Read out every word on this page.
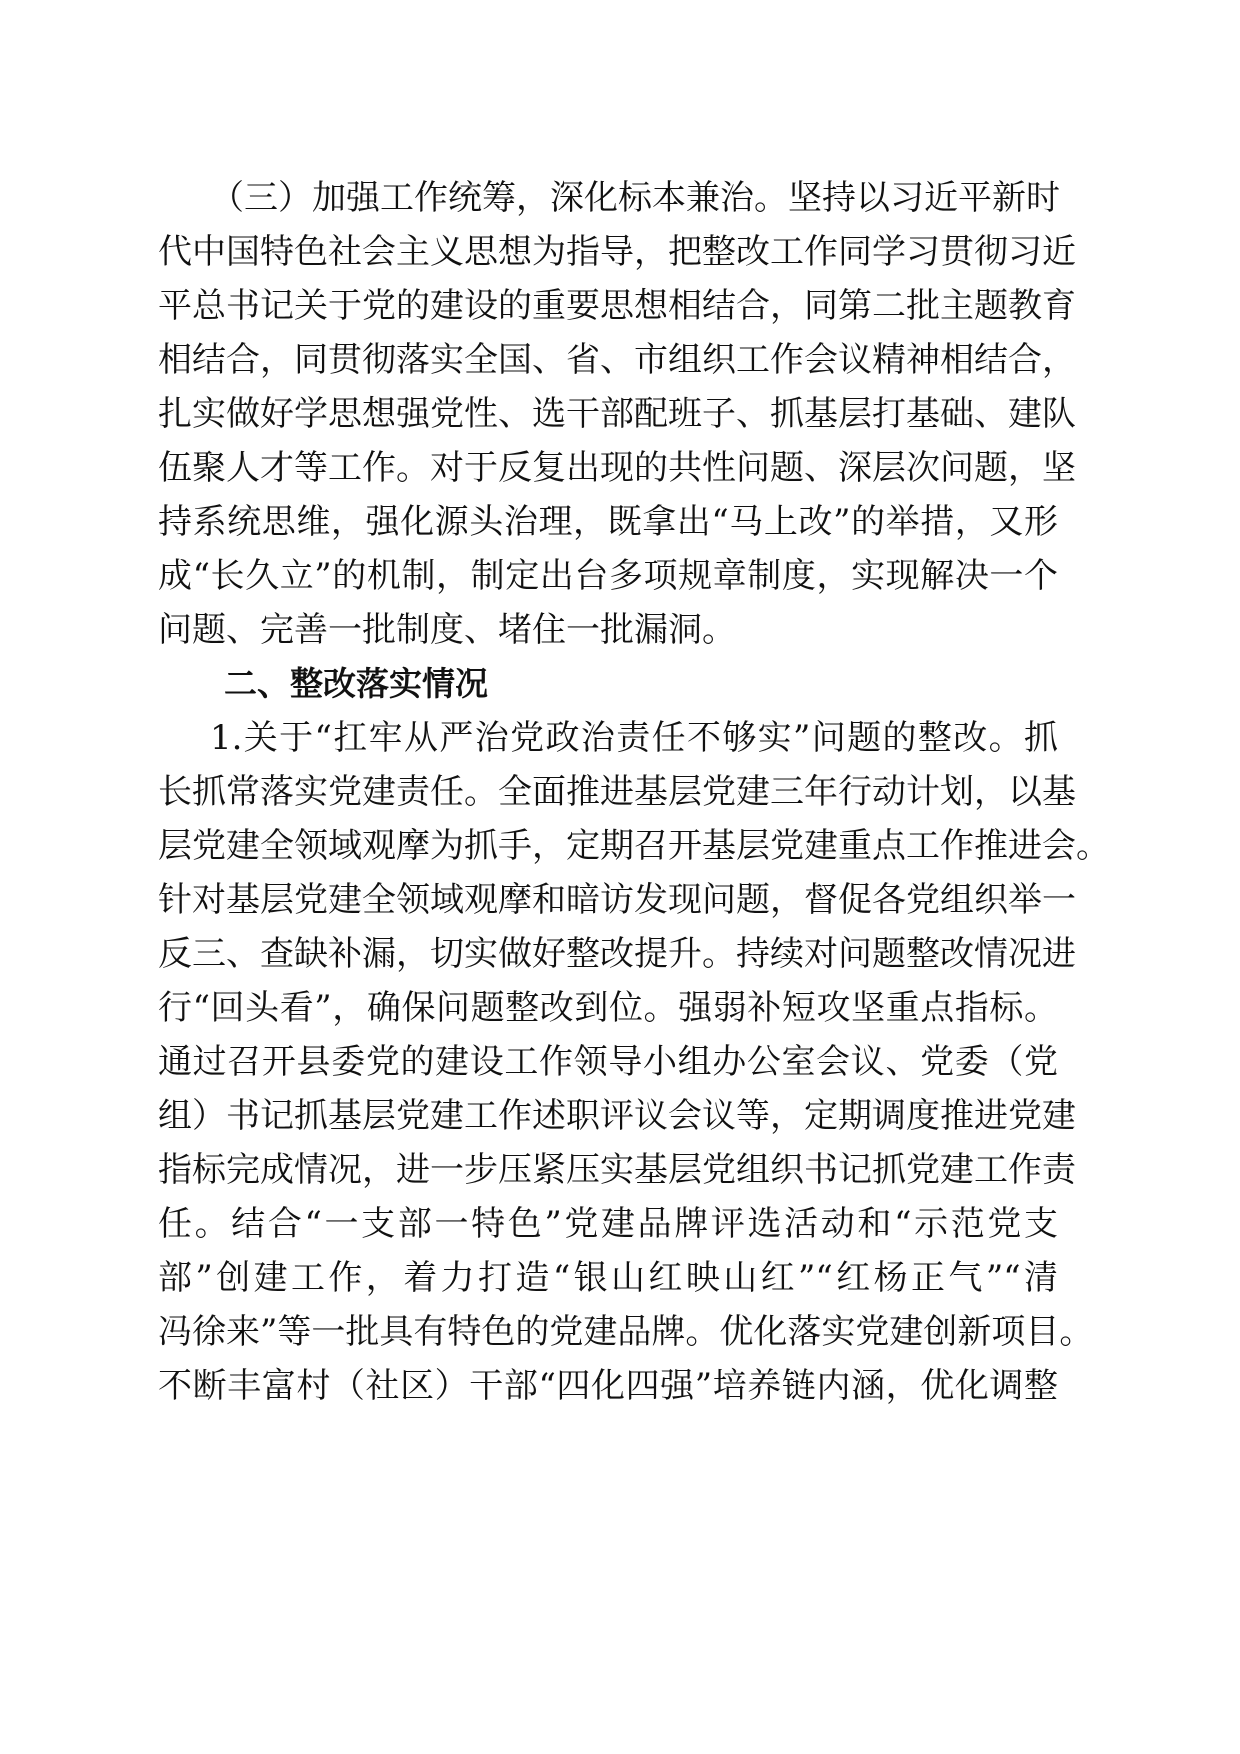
（三）加强工作统筹，深化标本兼治。坚持以习近平新时
代中国特色社会主义思想为指导，把整改工作同学习贯彻习近
平总书记关于党的建设的重要思想相结合，同第二批主题教育
相结合，同贯彻落实全国、省、市组织工作会议精神相结合，
扎实做好学思想强党性、选干部配班子、抓基层打基础、建队
伍聚人才等工作。对于反复出现的共性问题、深层次问题，坚
持系统思维，强化源头治理，既拿出“马上改”的举措，又形
成“长久立”的机制，制定出台多项规章制度，实现解决一个
问题、完善一批制度、堵住一批漏洞。
二、整改落实情况
1.关于“扛牢从严治党政治责任不够实”问题的整改。抓
长抓常落实党建责任。全面推进基层党建三年行动计划，以基
层党建全领域观摩为抓手，定期召开基层党建重点工作推进会。
针对基层党建全领域观摩和暗访发现问题，督促各党组织举一
反三、查缺补漏，切实做好整改提升。持续对问题整改情况进
行“回头看”，确保问题整改到位。强弱补短攻坚重点指标。
通过召开县委党的建设工作领导小组办公室会议、党委（党
组）书记抓基层党建工作述职评议会议等，定期调度推进党建
指标完成情况，进一步压紧压实基层党组织书记抓党建工作责
任。结合“一支部一特色”党建品牌评选活动和“示范党支
部”创建工作，着力打造“银山红映山红”“红杨正气”“清
冯徐来”等一批具有特色的党建品牌。优化落实党建创新项目。
不断丰富村（社区）干部“四化四强”培养链内涵，优化调整
